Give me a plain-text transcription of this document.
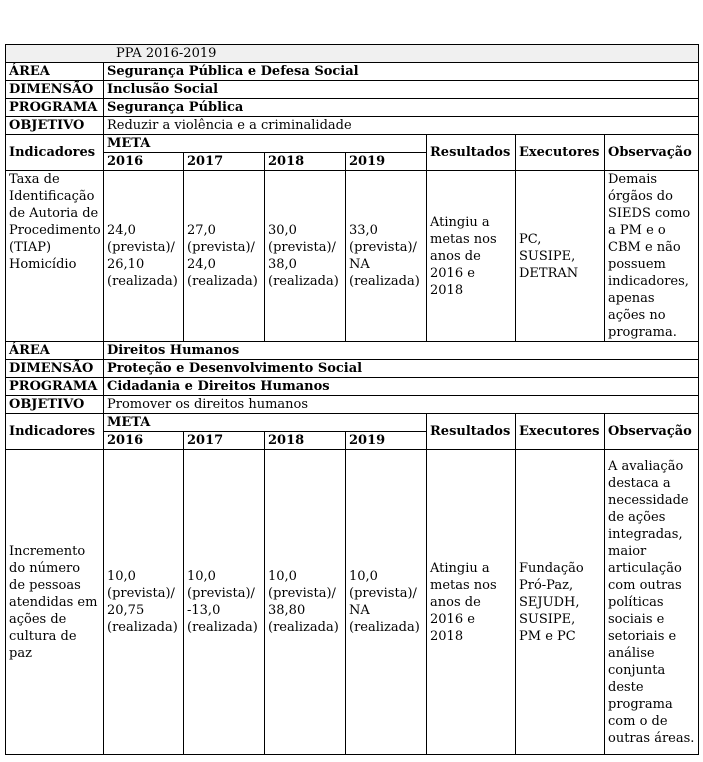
PPA 2016-2019							
ÁREA	Segurança Pública e Defesa Social						
DIMENSÃO	Inclusão Social						
PROGRAMA	Segurança Pública						
OBJETIVO	Reduzir a violência e a criminalidade						
Indicadores	META				Resultados	Executores	Observação
	2016	2017	2018	2019			
Taxa de Identificação de Autoria de Procedimento (TIAP) Homicídio	24,0 (prevista)/ 26,10 (realizada)	27,0 (prevista)/ 24,0 (realizada)	30,0 (prevista)/ 38,0 (realizada)	33,0 (prevista)/ NA (realizada)	Atingiu a metas nos anos de 2016 e 2018	PC, SUSIPE, DETRAN	Demais órgãos do SIEDS como a PM e o CBM e não possuem indicadores, apenas ações no programa.
ÁREA	Direitos Humanos						
DIMENSÃO	Proteção e Desenvolvimento Social						
PROGRAMA	Cidadania e Direitos Humanos						
OBJETIVO	Promover os direitos humanos						
Indicadores	META				Resultados	Executores	Observação
	2016	2017	2018	2019			
Incremento do número de pessoas atendidas em ações de cultura de paz	10,0 (prevista)/ 20,75 (realizada)	10,0 (prevista)/ -13,0 (realizada)	10,0 (prevista)/ 38,80 (realizada)	10,0 (prevista)/ NA (realizada)	Atingiu a metas nos anos de 2016 e 2018	Fundação Pró-Paz, SEJUDH, SUSIPE, PM e PC	A avaliação destaca a necessidade de ações integradas, maior articulação com outras políticas sociais e setoriais e análise conjunta deste programa com o de outras áreas.
